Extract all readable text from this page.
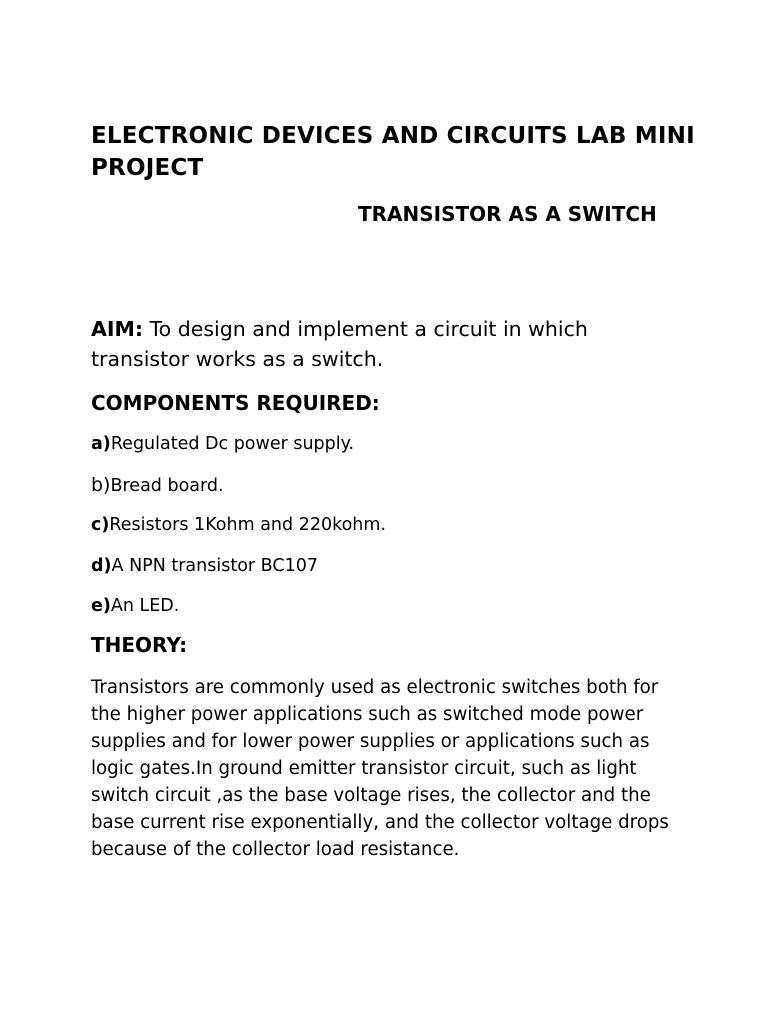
ELECTRONIC DEVICES AND CIRCUITS LAB MINI PROJECT
TRANSISTOR AS A SWITCH

AIM: To design and implement a circuit in which transistor works as a switch.

COMPONENTS REQUIRED:
a)Regulated Dc power supply.
b)Bread board.
c)Resistors 1Kohm and 220kohm.
d)A NPN transistor BC107
e)An LED.
THEORY:

Transistors are commonly used as electronic switches both for the higher power applications such as switched mode power supplies and for lower power supplies or applications such as logic gates.In ground emitter transistor circuit, such as light switch circuit ,as the base voltage rises, the collector and the base current rise exponentially, and the collector voltage drops because of the collector load resistance.
